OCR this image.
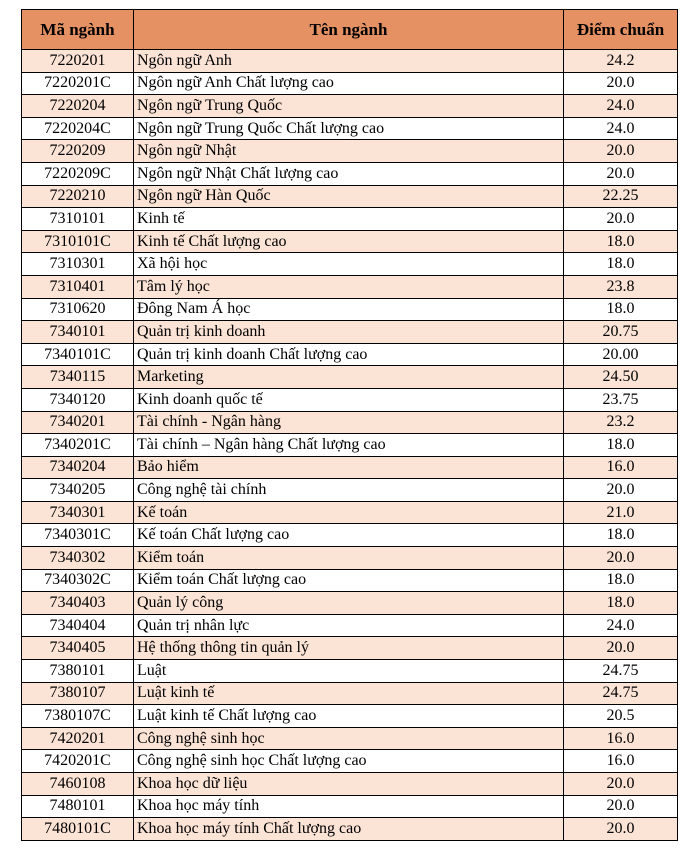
Mã ngành	Tên ngành	Điểm chuẩn
7220201	Ngôn ngữ Anh	24.2
7220201C	Ngôn ngữ Anh Chất lượng cao	20.0
7220204	Ngôn ngữ Trung Quốc	24.0
7220204C	Ngôn ngữ Trung Quốc Chất lượng cao	24.0
7220209	Ngôn ngữ Nhật	20.0
7220209C	Ngôn ngữ Nhật Chất lượng cao	20.0
7220210	Ngôn ngữ Hàn Quốc	22.25
7310101	Kinh tế	20.0
7310101C	Kinh tế Chất lượng cao	18.0
7310301	Xã hội học	18.0
7310401	Tâm lý học	23.8
7310620	Đông Nam Á học	18.0
7340101	Quản trị kinh doanh	20.75
7340101C	Quản trị kinh doanh Chất lượng cao	20.00
7340115	Marketing	24.50
7340120	Kinh doanh quốc tế	23.75
7340201	Tài chính - Ngân hàng	23.2
7340201C	Tài chính – Ngân hàng Chất lượng cao	18.0
7340204	Bảo hiểm	16.0
7340205	Công nghệ tài chính	20.0
7340301	Kế toán	21.0
7340301C	Kế toán Chất lượng cao	18.0
7340302	Kiểm toán	20.0
7340302C	Kiểm toán Chất lượng cao	18.0
7340403	Quản lý công	18.0
7340404	Quản trị nhân lực	24.0
7340405	Hệ thống thông tin quản lý	20.0
7380101	Luật	24.75
7380107	Luật kinh tế	24.75
7380107C	Luật kinh tế Chất lượng cao	20.5
7420201	Công nghệ sinh học	16.0
7420201C	Công nghệ sinh học Chất lượng cao	16.0
7460108	Khoa học dữ liệu	20.0
7480101	Khoa học máy tính	20.0
7480101C	Khoa học máy tính Chất lượng cao	20.0
